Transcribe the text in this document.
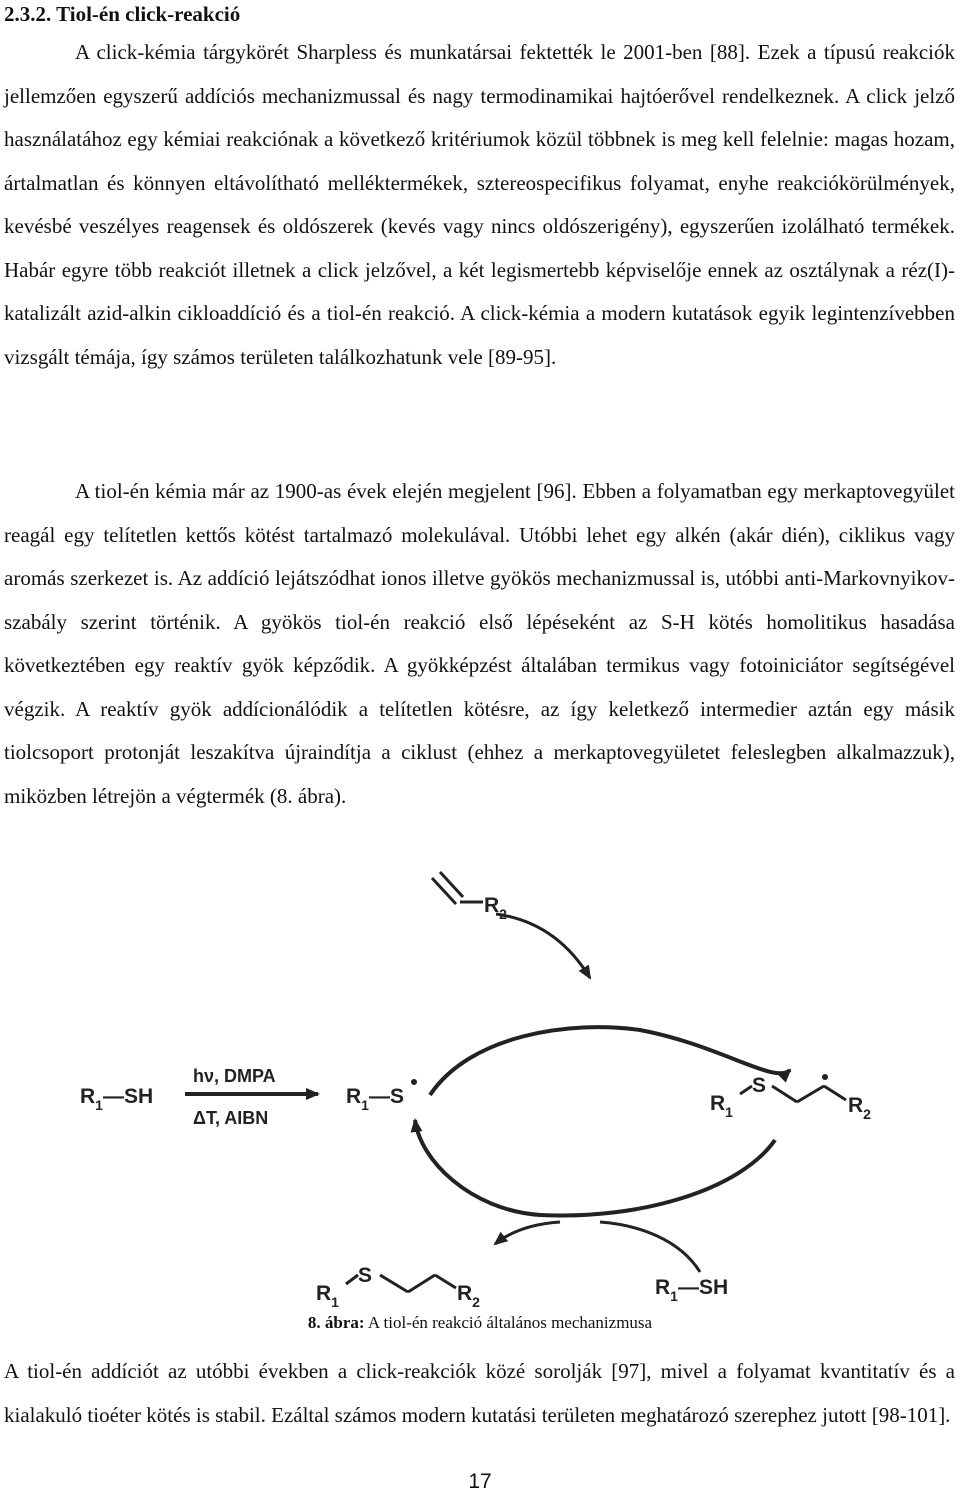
2.3.2. Tiol-én click-reakció
A click-kémia tárgykörét Sharpless és munkatársai fektették le 2001-ben [88]. Ezek a típusú reakciók jellemzően egyszerű addíciós mechanizmussal és nagy termodinamikai hajtóerővel rendelkeznek. A click jelző használatához egy kémiai reakciónak a következő kritériumok közül többnek is meg kell felelnie: magas hozam, ártalmatlan és könnyen eltávolítható melléktermékek, sztereospecifikus folyamat, enyhe reakciókörülmények, kevésbé veszélyes reagensek és oldószerek (kevés vagy nincs oldószerigény), egyszerűen izolálható termékek. Habár egyre több reakciót illetnek a click jelzővel, a két legismertebb képviselője ennek az osztálynak a réz(I)-katalizált azid-alkin cikloaddíció és a tiol-én reakció. A click-kémia a modern kutatások egyik legintenzívebben vizsgált témája, így számos területen találkozhatunk vele [89-95].
A tiol-én kémia már az 1900-as évek elején megjelent [96]. Ebben a folyamatban egy merkaptovegyület reagál egy telítetlen kettős kötést tartalmazó molekulával. Utóbbi lehet egy alkén (akár dién), ciklikus vagy aromás szerkezet is. Az addíció lejátszódhat ionos illetve gyökös mechanizmussal is, utóbbi anti-Markovnyikov-szabály szerint történik. A gyökös tiol-én reakció első lépéseként az S-H kötés homolitikus hasadása következtében egy reaktív gyök képződik. A gyökképzést általában termikus vagy fotoiniciátor segítségével végzik. A reaktív gyök addícionálódik a telítetlen kötésre, az így keletkező intermedier aztán egy másik tiolcsoport protonját leszakítva újraindítja a ciklust (ehhez a merkaptovegyületet feleslegben alkalmazzuk), miközben létrejön a végtermék (8. ábra).
$R_2$
$R_1—SH$
hν, DMPA
ΔT, AIBN
$R_1—S$	$R_1$
S
$R_2$
$R_1$
S
$R_2$
$R_1—SH$
8. ábra: A tiol-én reakció általános mechanizmusa
A tiol-én addíciót az utóbbi években a click-reakciók közé sorolják [97], mivel a folyamat kvantitatív és a kialakuló tioéter kötés is stabil. Ezáltal számos modern kutatási területen meghatározó szerephez jutott [98-101].
17
